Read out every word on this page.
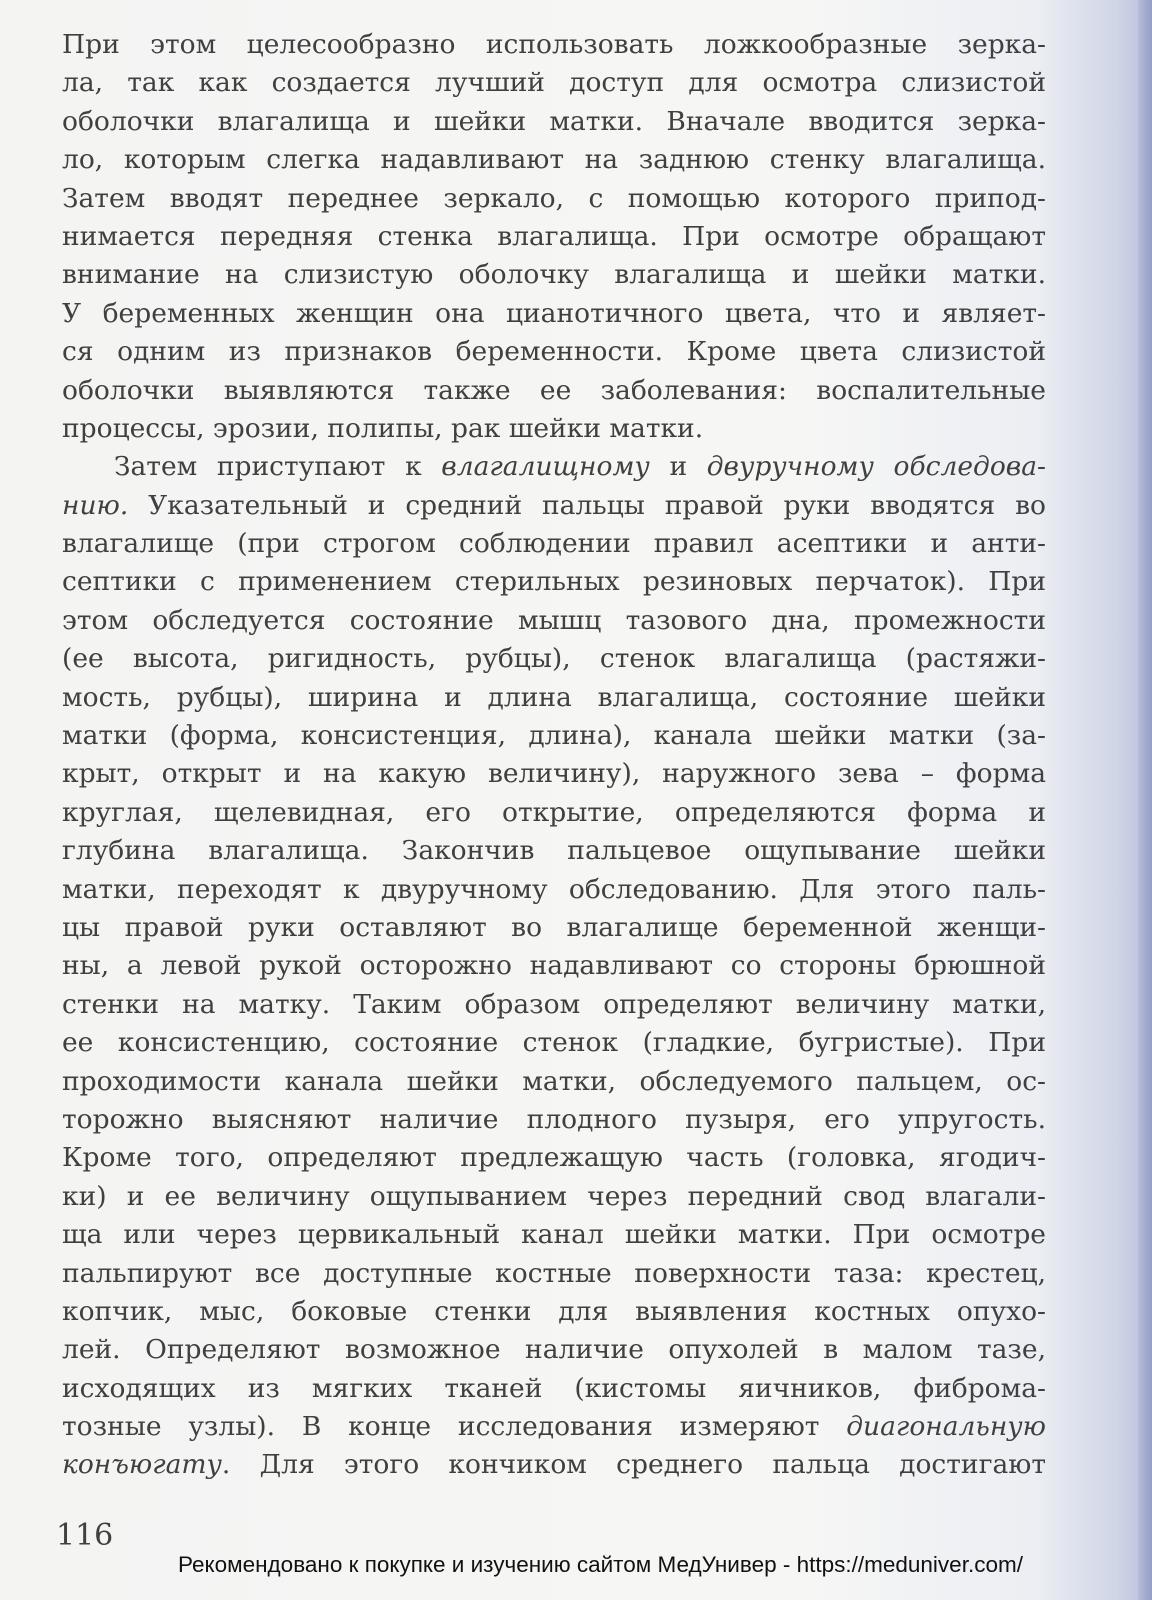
При этом целесообразно использовать ложкообразные зерка-
ла, так как создается лучший доступ для осмотра слизистой
оболочки влагалища и шейки матки. Вначале вводится зерка-
ло, которым слегка надавливают на заднюю стенку влагалища.
Затем вводят переднее зеркало, с помощью которого припод-
нимается передняя стенка влагалища. При осмотре обращают
внимание на слизистую оболочку влагалища и шейки матки.
У беременных женщин она цианотичного цвета, что и являет-
ся одним из признаков беременности. Кроме цвета слизистой
оболочки выявляются также ее заболевания: воспалительные
процессы, эрозии, полипы, рак шейки матки.
Затем приступают к влагалищному и двуручному обследова-
нию. Указательный и средний пальцы правой руки вводятся во
влагалище (при строгом соблюдении правил асептики и анти-
септики с применением стерильных резиновых перчаток). При
этом обследуется состояние мышц тазового дна, промежности
(ее высота, ригидность, рубцы), стенок влагалища (растяжи-
мость, рубцы), ширина и длина влагалища, состояние шейки
матки (форма, консистенция, длина), канала шейки матки (за-
крыт, открыт и на какую величину), наружного зева – форма
круглая, щелевидная, его открытие, определяются форма и
глубина влагалища. Закончив пальцевое ощупывание шейки
матки, переходят к двуручному обследованию. Для этого паль-
цы правой руки оставляют во влагалище беременной женщи-
ны, а левой рукой осторожно надавливают со стороны брюшной
стенки на матку. Таким образом определяют величину матки,
ее консистенцию, состояние стенок (гладкие, бугристые). При
проходимости канала шейки матки, обследуемого пальцем, ос-
торожно выясняют наличие плодного пузыря, его упругость.
Кроме того, определяют предлежащую часть (головка, ягодич-
ки) и ее величину ощупыванием через передний свод влагали-
ща или через цервикальный канал шейки матки. При осмотре
пальпируют все доступные костные поверхности таза: крестец,
копчик, мыс, боковые стенки для выявления костных опухо-
лей. Определяют возможное наличие опухолей в малом тазе,
исходящих из мягких тканей (кистомы яичников, фиброма-
тозные узлы). В конце исследования измеряют диагональную
конъюгату. Для этого кончиком среднего пальца достигают
116
Рекомендовано к покупке и изучению сайтом МедУнивер - https://meduniver.com/
